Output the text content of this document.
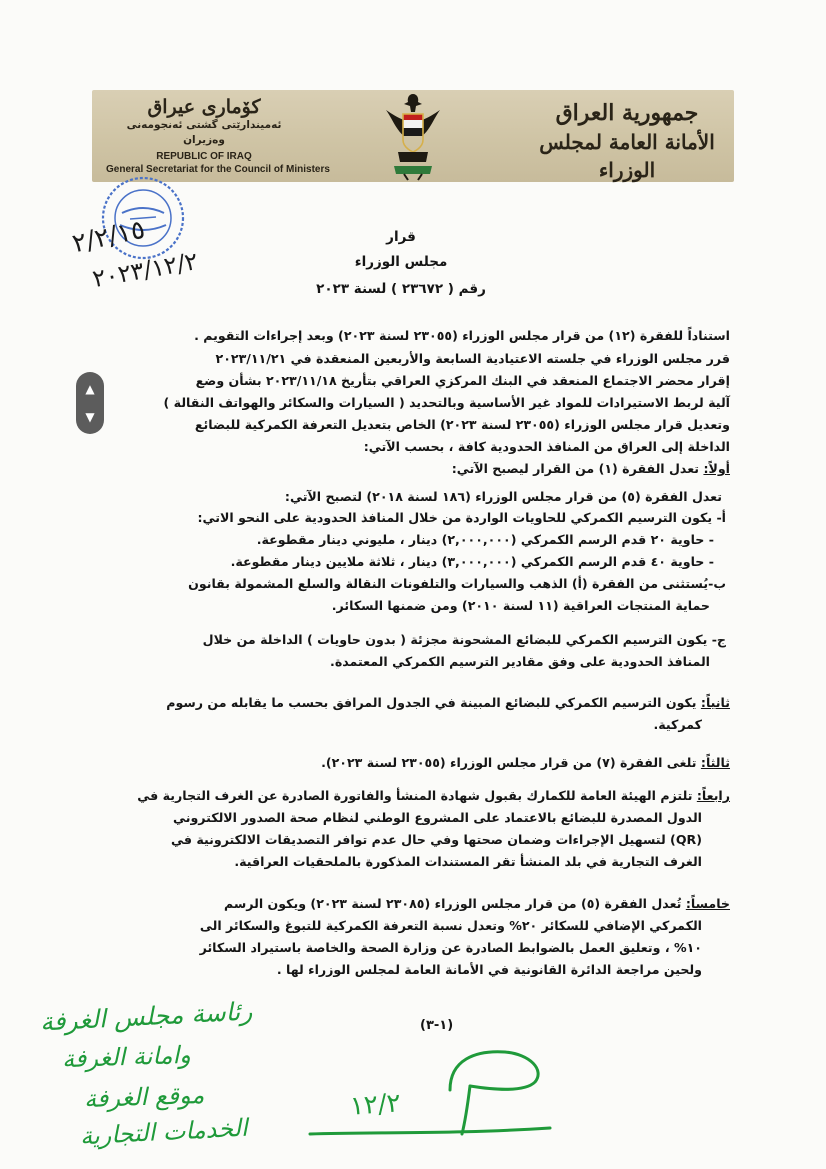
كۆماری عیراق
ئه‌میندارێتی گشتی ئه‌نجومه‌نی وه‌زیران
REPUBLIC OF IRAQ
General Secretariat for the Council of Ministers
جمهورية العراق
الأمانة العامة لمجلس الوزراء
٢/٢/١٥
٢٠٢٣/١٢/٢
▲
▼
قرار
مجلس الوزراء
رقم ( ٢٣٦٧٢ ) لسنة ٢٠٢٣
استناداً للفقرة (١٢) من قرار مجلس الوزراء (٢٣٠٥٥ لسنة ٢٠٢٣) وبعد إجراءات التقويم .
قرر مجلس الوزراء في جلسته الاعتيادية السابعة والأربعين المنعقدة في ٢٠٢٣/١١/٢١
إقرار محضر الاجتماع المنعقد في البنك المركزي العراقي بتأريخ ٢٠٢٣/١١/١٨ بشأن وضع
آلية لربط الاستيرادات للمواد غير الأساسية وبالتحديد ( السيارات والسكائر والهواتف النقالة )
وتعديل قرار مجلس الوزراء (٢٣٠٥٥ لسنة ٢٠٢٣) الخاص بتعديل التعرفة الكمركية للبضائع
الداخلة إلى العراق من المنافذ الحدودية كافة ، بحسب الآتي:
أولاً: تعدل الفقرة (١) من القرار ليصبح الآتي:
تعدل الفقرة (٥) من قرار مجلس الوزراء (١٨٦ لسنة ٢٠١٨) لتصبح الآتي:
أ- يكون الترسيم الكمركي للحاويات الواردة من خلال المنافذ الحدودية على النحو الاتي:
- حاوية ٢٠ قدم الرسم الكمركي (٢,٠٠٠,٠٠٠) دينار ، مليوني دينار مقطوعة.
- حاوية ٤٠ قدم الرسم الكمركي (٣,٠٠٠,٠٠٠) دينار ، ثلاثة ملايين دينار مقطوعة.
ب-يُستثنى من الفقرة (أ) الذهب والسيارات والتلفونات النقالة والسلع المشمولة بقانون
حماية المنتجات العراقية (١١ لسنة ٢٠١٠) ومن ضمنها السكائر.
ج- يكون الترسيم الكمركي للبضائع المشحونة مجزئة ( بدون حاويات ) الداخلة من خلال
المنافذ الحدودية على وفق مقادير الترسيم الكمركي المعتمدة.
ثانياً: يكون الترسيم الكمركي للبضائع المبينة في الجدول المرافق بحسب ما يقابله من رسوم
كمركية.
ثالثاً: تلغى الفقرة (٧) من قرار مجلس الوزراء (٢٣٠٥٥ لسنة ٢٠٢٣).
رابعاً: تلتزم الهيئة العامة للكمارك بقبول شهادة المنشأ والفاتورة الصادرة عن الغرف التجارية في
الدول المصدرة للبضائع بالاعتماد على المشروع الوطني لنظام صحة الصدور الالكتروني
(QR) لتسهيل الإجراءات وضمان صحتها وفي حال عدم توافر التصديقات الالكترونية في
الغرف التجارية في بلد المنشأ تقر المستندات المذكورة بالملحقيات العراقية.
خامساً: تُعدل الفقرة (٥) من قرار مجلس الوزراء (٢٣٠٨٥ لسنة ٢٠٢٣) ويكون الرسم
الكمركي الإضافي للسكائر ٢٠% وتعدل نسبة التعرفة الكمركية للتبوغ والسكائر الى
١٠% ، وتعليق العمل بالضوابط الصادرة عن وزارة الصحة والخاصة باستيراد السكائر
ولحين مراجعة الدائرة القانونية في الأمانة العامة لمجلس الوزراء لها .
(١-٣)
رئاسة مجلس الغرفة
وامانة الغرفة
موقع الغرفة
الخدمات التجارية
١٢/٢
